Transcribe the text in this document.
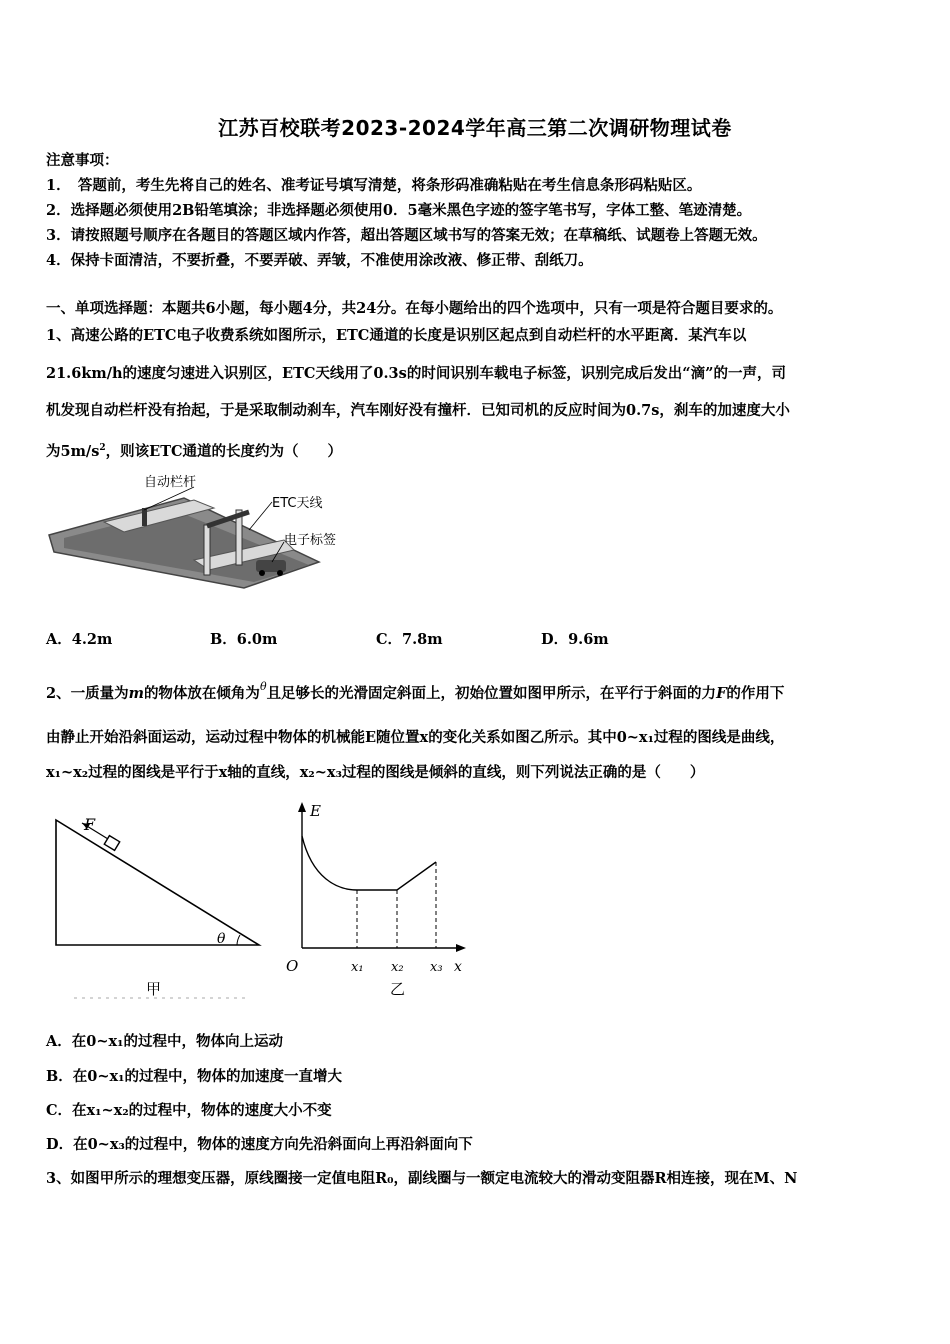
江苏百校联考2023-2024学年高三第二次调研物理试卷
注意事项：
1．　答题前，考生先将自己的姓名、准考证号填写清楚，将条形码准确粘贴在考生信息条形码粘贴区。
2．选择题必须使用2B铅笔填涂；非选择题必须使用0．5毫米黑色字迹的签字笔书写，字体工整、笔迹清楚。
3．请按照题号顺序在各题目的答题区域内作答，超出答题区域书写的答案无效；在草稿纸、试题卷上答题无效。
4．保持卡面清洁，不要折叠，不要弄破、弄皱，不准使用涂改液、修正带、刮纸刀。
一、单项选择题：本题共6小题，每小题4分，共24分。在每小题给出的四个选项中，只有一项是符合题目要求的。
1、高速公路的ETC电子收费系统如图所示，ETC通道的长度是识别区起点到自动栏杆的水平距离．某汽车以
21.6km/h的速度匀速进入识别区，ETC天线用了0.3s的时间识别车载电子标签，识别完成后发出“滴”的一声，司
机发现自动栏杆没有抬起，于是采取制动刹车，汽车刚好没有撞杆．已知司机的反应时间为0.7s，刹车的加速度大小
为$5m/s^2$，则该ETC通道的长度约为（　　）
自动栏杆
ETC天线
电子标签
A．4.2m	B．6.0m	C．7.8m	D．9.6m
2、一质量为m的物体放在倾角为$^\theta$且足够长的光滑固定斜面上，初始位置如图甲所示，在平行于斜面的力F的作用下
由静止开始沿斜面运动，运动过程中物体的机械能E随位置x的变化关系如图乙所示。其中0~x₁过程的图线是曲线，
x₁~x₂过程的图线是平行于x轴的直线，x₂~x₃过程的图线是倾斜的直线，则下列说法正确的是（　　）
F
θ
甲
E
O	x₁ x₂ x₃ x
乙
A．在0~x₁的过程中，物体向上运动
B．在0~x₁的过程中，物体的加速度一直增大
C．在x₁~x₂的过程中，物体的速度大小不变
D．在0~x₃的过程中，物体的速度方向先沿斜面向上再沿斜面向下
3、如图甲所示的理想变压器，原线圈接一定值电阻R₀，副线圈与一额定电流较大的滑动变阻器R相连接，现在M、N
